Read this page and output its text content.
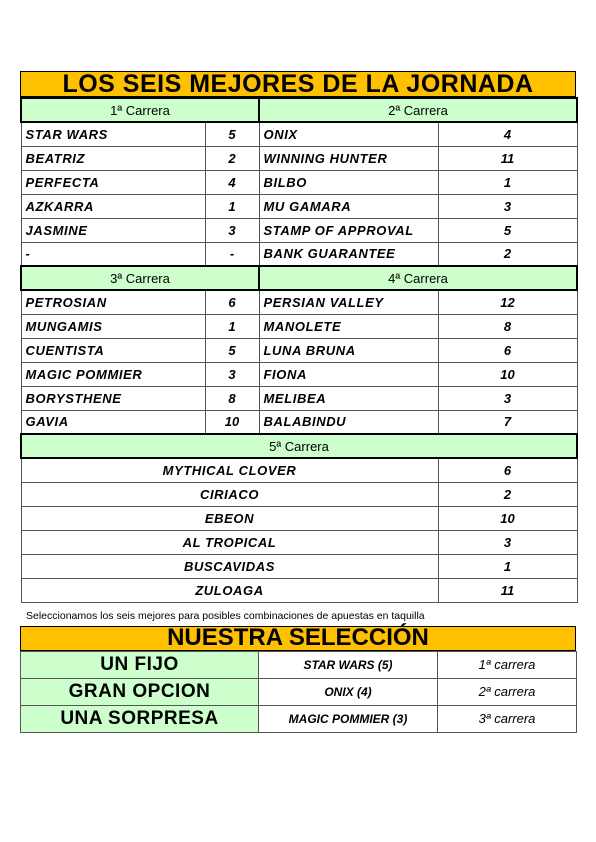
LOS SEIS MEJORES DE LA JORNADA
1ª Carrera		2ª Carrera	
STAR WARS	5	ONIX	4
BEATRIZ	2	WINNING HUNTER	11
PERFECTA	4	BILBO	1
AZKARRA	1	MU GAMARA	3
JASMINE	3	STAMP OF APPROVAL	5
-	-	BANK GUARANTEE	2
3ª Carrera		4ª Carrera	
PETROSIAN	6	PERSIAN VALLEY	12
MUNGAMIS	1	MANOLETE	8
CUENTISTA	5	LUNA BRUNA	6
MAGIC POMMIER	3	FIONA	10
BORYSTHENE	8	MELIBEA	3
GAVIA	10	BALABINDU	7
5ª Carrera			
MYTHICAL CLOVER			6
CIRIACO			2
EBEON			10
AL TROPICAL			3
BUSCAVIDAS			1
ZULOAGA			11
Seleccionamos los seis mejores para posibles combinaciones de apuestas en taquilla
NUESTRA SELECCIÓN
UN FIJO	STAR WARS (5)	1ª carrera
GRAN OPCION	ONIX (4)	2ª carrera
UNA SORPRESA	MAGIC POMMIER (3)	3ª carrera
